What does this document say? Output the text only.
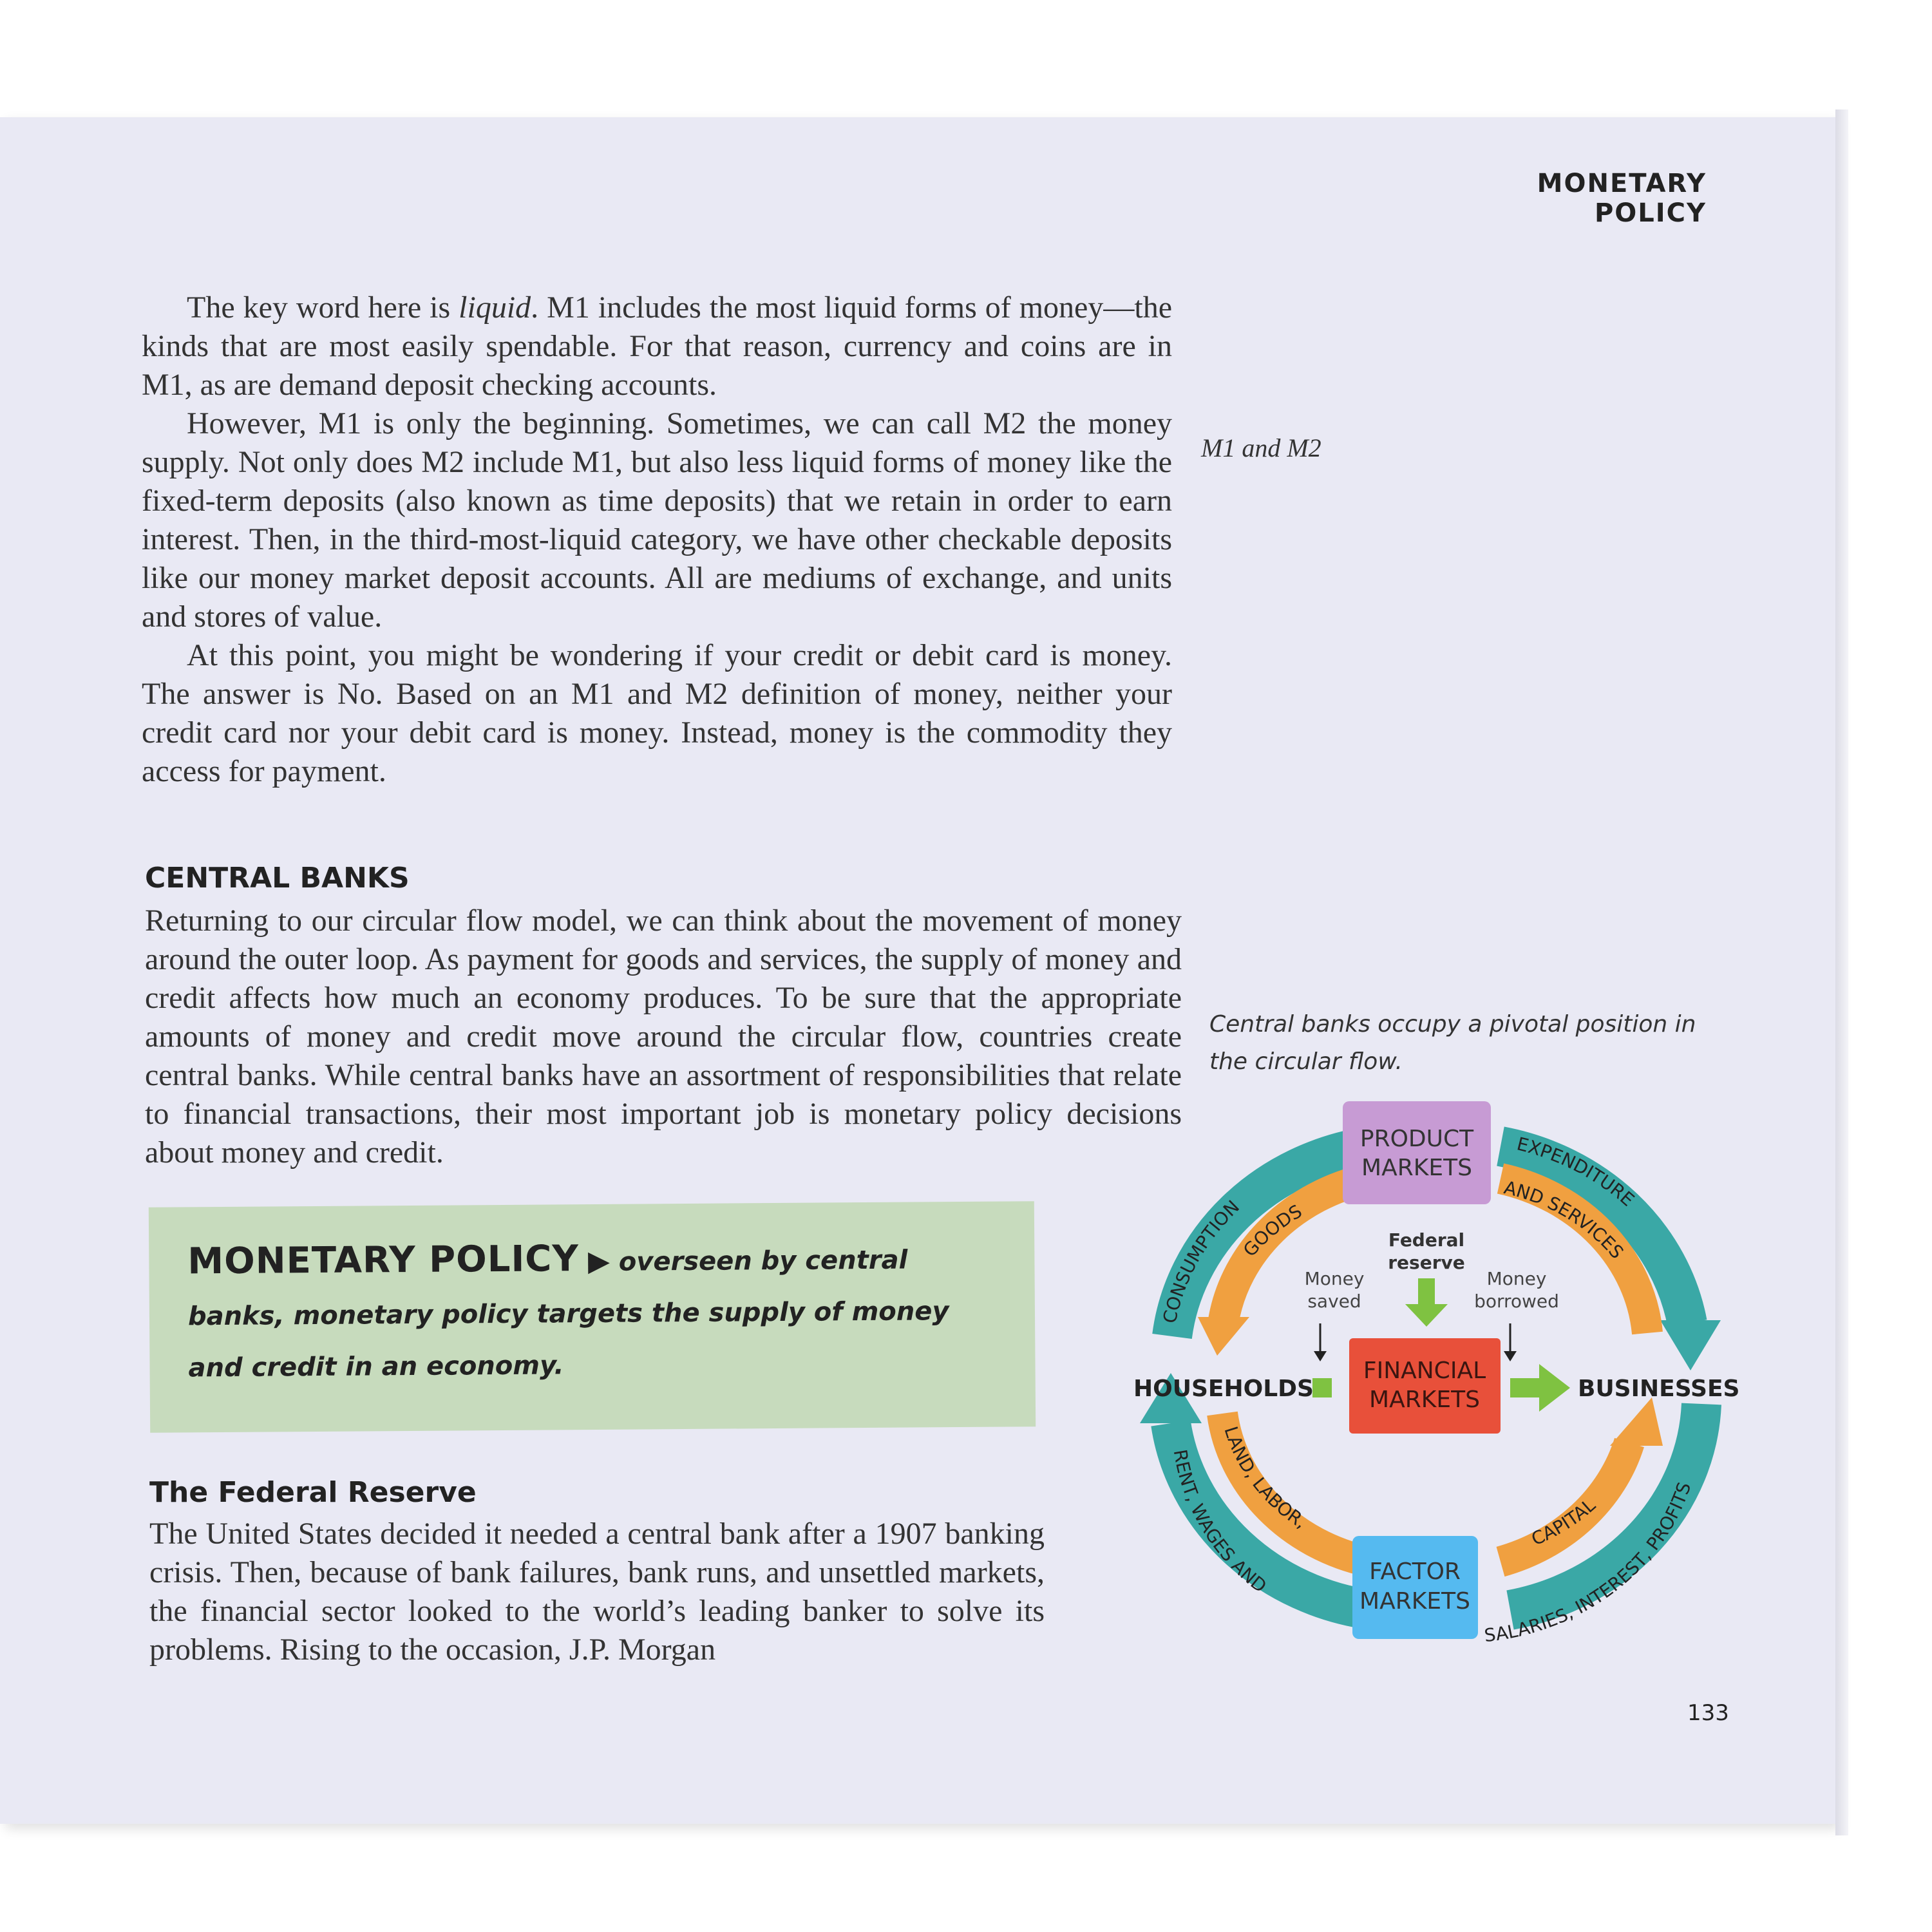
MONETARY POLICY

The key word here is liquid. M1 includes the most liquid forms of money—the kinds that are most easily spendable. For that reason, currency and coins are in M1, as are demand deposit checking accounts.

However, M1 is only the beginning. Sometimes, we can call M2 the money supply. Not only does M2 include M1, but also less liquid forms of money like the fixed-term deposits (also known as time deposits) that we retain in order to earn interest. Then, in the third-most-liquid category, we have other checkable deposits like our money market deposit accounts. All are mediums of exchange, and units and stores of value.

At this point, you might be wondering if your credit or debit card is money. The answer is No. Based on an M1 and M2 definition of money, neither your credit card nor your debit card is money. Instead, money is the commodity they access for payment.

M1 and M2
CENTRAL BANKS

Returning to our circular flow model, we can think about the movement of money around the outer loop. As payment for goods and services, the supply of money and credit affects how much an economy produces. To be sure that the appropriate amounts of money and credit move around the circular flow, countries create central banks. While central banks have an assortment of responsibilities that relate to financial transactions, their most important job is monetary policy decisions about money and credit.

MONETARY POLICY ▶ overseen by central banks, monetary policy targets the supply of money and credit in an economy.
The Federal Reserve

The United States decided it needed a central bank after a 1907 banking crisis. Then, because of bank failures, bank runs, and unsettled markets, the financial sector looked to the world’s leading banker to solve its problems. Rising to the occasion, J.P. Morgan

Central banks occupy a pivotal position in the circular flow.
CONSUMPTION
EXPENDITURE
GOODS
AND SERVICES
LAND, LABOR,
CAPITAL
RENT, WAGES AND
SALARIES, INTEREST, PROFITS
PRODUCT
MARKETS
FACTOR
MARKETS
FINANCIAL
MARKETS
Federal
reserve
Money
saved
Money
borrowed
HOUSEHOLDS	BUSINESSES
133
